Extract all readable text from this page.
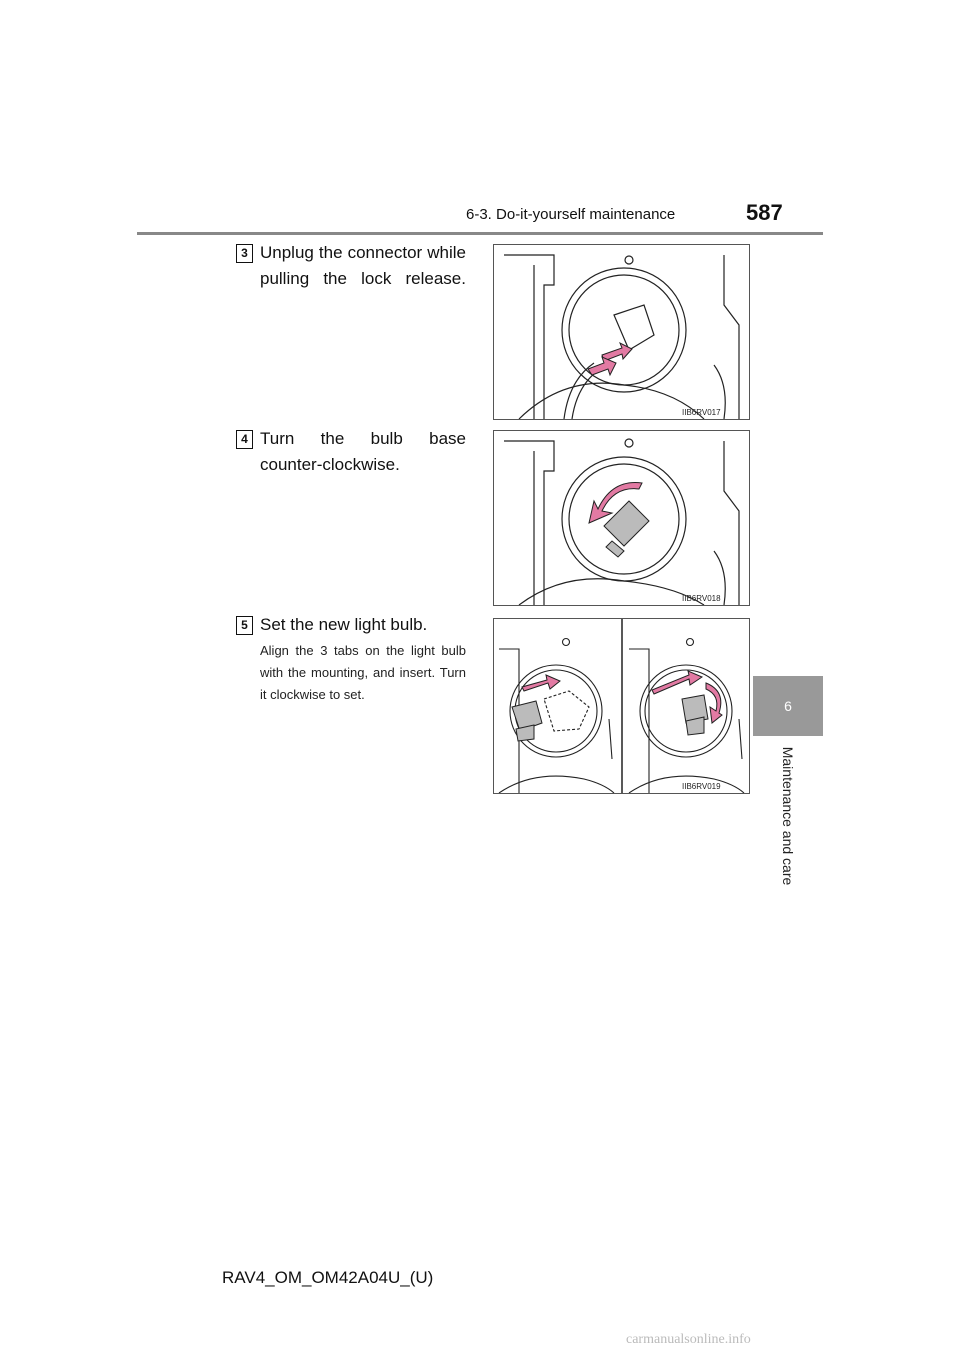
6-3. Do-it-yourself maintenance	587
6
Maintenance and care
3 Unplug the connector while pulling the lock release.
IIB6RV017
4 Turn the bulb base counter-clockwise.
IIB6RV018
5 Set the new light bulb.
Align the 3 tabs on the light bulb with the mounting, and insert. Turn it clockwise to set.
IIB6RV019
RAV4_OM_OM42A04U_(U)
carmanualsonline.info
